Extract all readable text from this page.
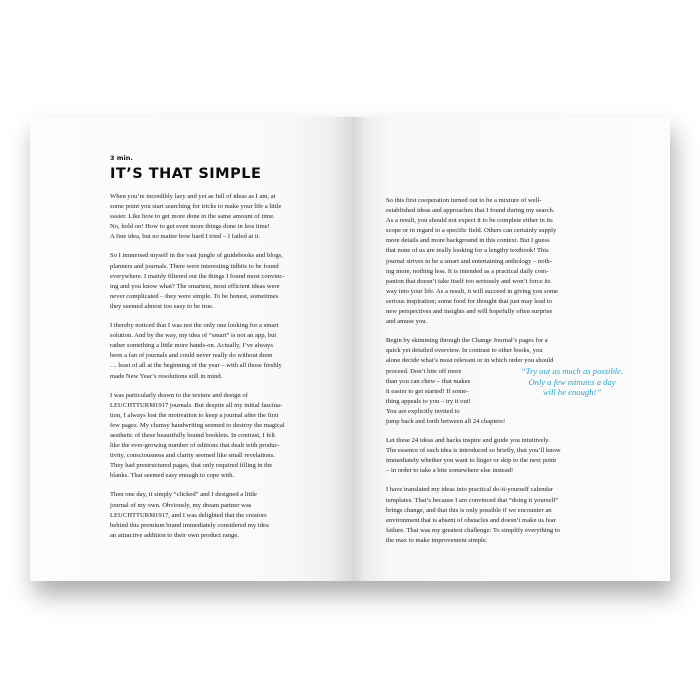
3 min.
IT’S THAT SIMPLE

When you’re incredibly lazy and yet as full of ideas as I am, at
some point you start searching for tricks to make your life a little
easier. Like how to get more done in the same amount of time.
No, hold on! How to get even more things done in less time!
A fine idea, but no matter how hard I tried – I failed at it.

So I immersed myself in the vast jungle of guidebooks and blogs,
planners and journals. There were interesting tidbits to be found
everywhere. I mainly filtered out the things I found most convinc-
ing and you know what? The smartest, most efficient ideas were
never complicated – they were simple. To be honest, sometimes
they seemed almost too easy to be true.

I thereby noticed that I was not the only one looking for a smart
solution. And by the way, my idea of “smart” is not an app, but
rather something a little more hands-on. Actually, I’ve always
been a fan of journals and could never really do without them
… least of all at the beginning of the year – with all those freshly
made New Year’s resolutions still in mind.

I was particularly drawn to the texture and design of
LEUCHTTURM1917 journals. But despite all my initial fascina-
tion, I always lost the motivation to keep a journal after the first
few pages. My clumsy handwriting seemed to destroy the magical
aesthetic of these beautifully bound booklets. In contrast, I felt
like the ever-growing number of editions that dealt with produc-
tivity, consciousness and clarity seemed like small revelations.
They had prestructured pages, that only required filling in the
blanks. That seemed easy enough to cope with.

Then one day, it simply “clicked” and I designed a little
journal of my own. Obviously, my dream partner was
LEUCHTTURM1917, and I was delighted that the creators
behind this premium brand immediately considered my idea
an attractive addition to their own product range.

So this first cooperation turned out to be a mixture of well-
established ideas and approaches that I found during my search.
As a result, you should not expect it to be complete either in its
scope or in regard to a specific field. Others can certainly supply
more details and more background in this context. But I guess
that none of us are really looking for a lengthy textbook! This
journal strives to be a smart and entertaining anthology – noth-
ing more, nothing less. It is intended as a practical daily com-
panion that doesn’t take itself too seriously and won’t force its
way into your life. As a result, it will succeed in giving you some
serious inspiration; some food for thought that just may lead to
new perspectives and insights and will hopefully often surprise
and amuse you.

Begin by skimming through the Change Journal’s pages for a
quick yet detailed overview. In contrast to other books, you
alone decide what’s most relevant or in which order you should
proceed. Don’t bite off more
than you can chew – that makes
it easier to get started! If some-
thing appeals to you – try it out!
You are explicitly invited to
jump back and forth between all 24 chapters!
“Try out as much as possible.
Only a few minutes a day
will be enough!”

Let these 24 ideas and hacks inspire and guide you intuitively.
The essence of each idea is introduced so briefly, that you’ll know
immediately whether you want to linger or skip to the next point
– in order to take a bite somewhere else instead!

I have translated my ideas into practical do-it-yourself calendar
templates. That’s because I am convinced that “doing it yourself”
brings change, and that this is only possible if we encounter an
environment that is absent of obstacles and doesn’t make us fear
failure. That was my greatest challenge: To simplify everything to
the max to make improvement simple.
